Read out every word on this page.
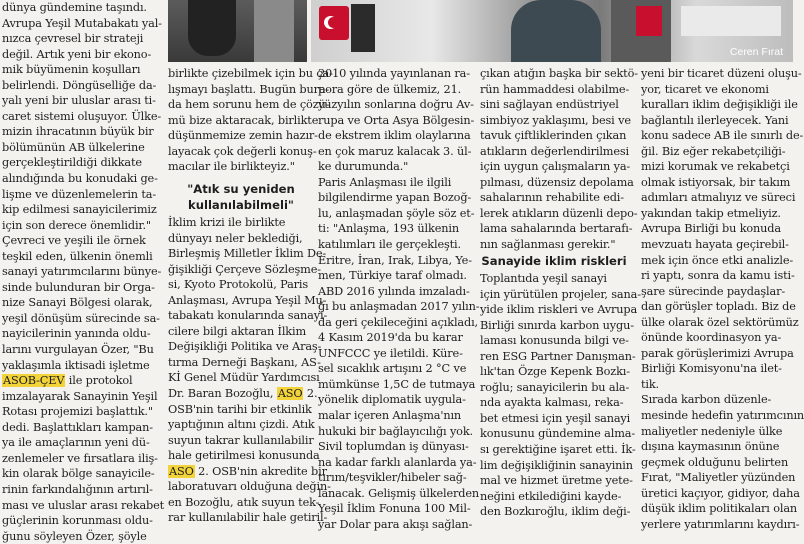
Ceren Fırat
dünya gündemine taşındı.
Avrupa Yeşil Mutabakatı yal-
nızca çevresel bir strateji
değil. Artık yeni bir ekono-
mik büyümenin koşulları
belirlendi. Döngüselliğe da-
yalı yeni bir uluslar arası ti-
caret sistemi oluşuyor. Ülke-
mizin ihracatının büyük bir
bölümünün AB ülkelerine
gerçekleştirildiği dikkate
alındığında bu konudaki ge-
lişme ve düzenlemelerin ta-
kip edilmesi sanayicilerimiz
için son derece önemlidir."
Çevreci ve yeşili ile örnek
teşkil eden, ülkenin önemli
sanayi yatırımcılarını bünye-
sinde bulunduran bir Orga-
nize Sanayi Bölgesi olarak,
yeşil dönüşüm sürecinde sa-
nayicilerinin yanında oldu-
larını vurgulayan Özer, "Bu
yaklaşımla iktisadi işletme
ASOB-ÇEV ile protokol
imzalayarak Sanayinin Yeşil
Rotası projemizi başlattık."
dedi. Başlattıkları kampan-
ya ile amaçlarının yeni dü-
zenlemeler ve fırsatlara iliş-
kin olarak bölge sanayicile-
rinin farkındalığının artırıl-
ması ve uluslar arası rekabet
güçlerinin korunması oldu-
ğunu söyleyen Özer, şöyle
birlikte çizebilmek için bu ça-
lışmayı başlattı. Bugün bura-
da hem sorunu hem de çözü-
mü bize aktaracak, birlikte
düşünmemize zemin hazır-
layacak çok değerli konuş-
macılar ile birlikteyiz."
"Atık su yeniden
kullanılabilmeli"
İklim krizi ile birlikte
dünyayı neler beklediği,
Birleşmiş Milletler İklim De-
ğişikliği Çerçeve Sözleşme-
si, Kyoto Protokolü, Paris
Anlaşması, Avrupa Yeşil Mu-
tabakatı konularında sanayi-
cilere bilgi aktaran İlkim
Değişikliği Politika ve Araş-
tırma Derneği Başkanı, AS-
Kİ Genel Müdür Yardımcısı
Dr. Baran Bozoğlu, ASO 2.
OSB'nin tarihi bir etkinlik
yaptığının altını çizdi. Atık
suyun takrar kullanılabilir
hale getirilmesi konusunda
ASO 2. OSB'nin akredite bir
laboratuvarı olduğuna değin-
en Bozoğlu, atık suyun tek-
rar kullanılabilir hale getiril-
2010 yılında yayınlanan ra-
pora göre de ülkemiz, 21.
yüzyılın sonlarına doğru Av-
rupa ve Orta Asya Bölgesin-
de ekstrem iklim olaylarına
en çok maruz kalacak 3. ül-
ke durumunda."
Paris Anlaşması ile ilgili
bilgilendirme yapan Bozoğ-
lu, anlaşmadan şöyle söz et-
ti: "Anlaşma, 193 ülkenin
katılımları ile gerçekleşti.
Eritre, İran, Irak, Libya, Ye-
men, Türkiye taraf olmadı.
ABD 2016 yılında imzaladı-
ğı bu anlaşmadan 2017 yılın-
da geri çekileceğini açıkladı,
4 Kasım 2019'da bu karar
UNFCCC ye iletildi. Küre-
sel sıcaklık artışını 2 °C ve
mümkünse 1,5C de tutmaya
yönelik diplomatik uygula-
malar içeren Anlaşma'nın
hukuki bir bağlayıcılığı yok.
Sivil toplumdan iş dünyası-
na kadar farklı alanlarda ya-
tırım/teşvikler/hibeler sağ-
lanacak. Gelişmiş ülkelerden
Yeşil İklim Fonuna 100 Mil-
yar Dolar para akışı sağlan-
çıkan atığın başka bir sektö-
rün hammaddesi olabilme-
sini sağlayan endüstriyel
simbiyoz yaklaşımı, besi ve
tavuk çiftliklerinden çıkan
atıkların değerlendirilmesi
için uygun çalışmaların ya-
pılması, düzensiz depolama
sahalarının rehabilite edi-
lerek atıkların düzenli depo-
lama sahalarında bertarafı-
nın sağlanması gerekir."
Sanayide iklim riskleri
Toplantıda yeşil sanayi
için yürütülen projeler, sana-
yide iklim riskleri ve Avrupa
Birliği sınırda karbon uygu-
laması konusunda bilgi ve-
ren ESG Partner Danışman-
lık'tan Özge Kepenk Bozkı-
roğlu; sanayicilerin bu ala-
nda ayakta kalması, reka-
bet etmesi için yeşil sanayi
konusunu gündemine alma-
sı gerektiğine işaret etti. İk-
lim değişikliğinin sanayinin
mal ve hizmet üretme yete-
neğini etkilediğini kayde-
den Bozkıroğlu, iklim deği-
yeni bir ticaret düzeni oluşu-
yor, ticaret ve ekonomi
kuralları iklim değişikliği ile
bağlantılı ilerleyecek. Yani
konu sadece AB ile sınırlı de-
ğil. Biz eğer rekabetçiliği-
mizi korumak ve rekabetçi
olmak istiyorsak, bir takım
adımları atmalıyız ve süreci
yakından takip etmeliyiz.
Avrupa Birliği bu konuda
mevzuatı hayata geçirebil-
mek için önce etki analizle-
ri yaptı, sonra da kamu isti-
şare sürecinde paydaşlar-
dan görüşler topladı. Biz de
ülke olarak özel sektörümüz
önünde koordinasyon ya-
parak görüşlerimizi Avrupa
Birliği Komisyonu'na ilet-
tik.
Sırada karbon düzenle-
mesinde hedefin yatırımcının
maliyetler nedeniyle ülke
dışına kaymasının önüne
geçmek olduğunu belirten
Fırat, "Maliyetler yüzünden
üretici kaçıyor, gidiyor, daha
düşük iklim politikaları olan
yerlere yatırımlarını kaydırı-
